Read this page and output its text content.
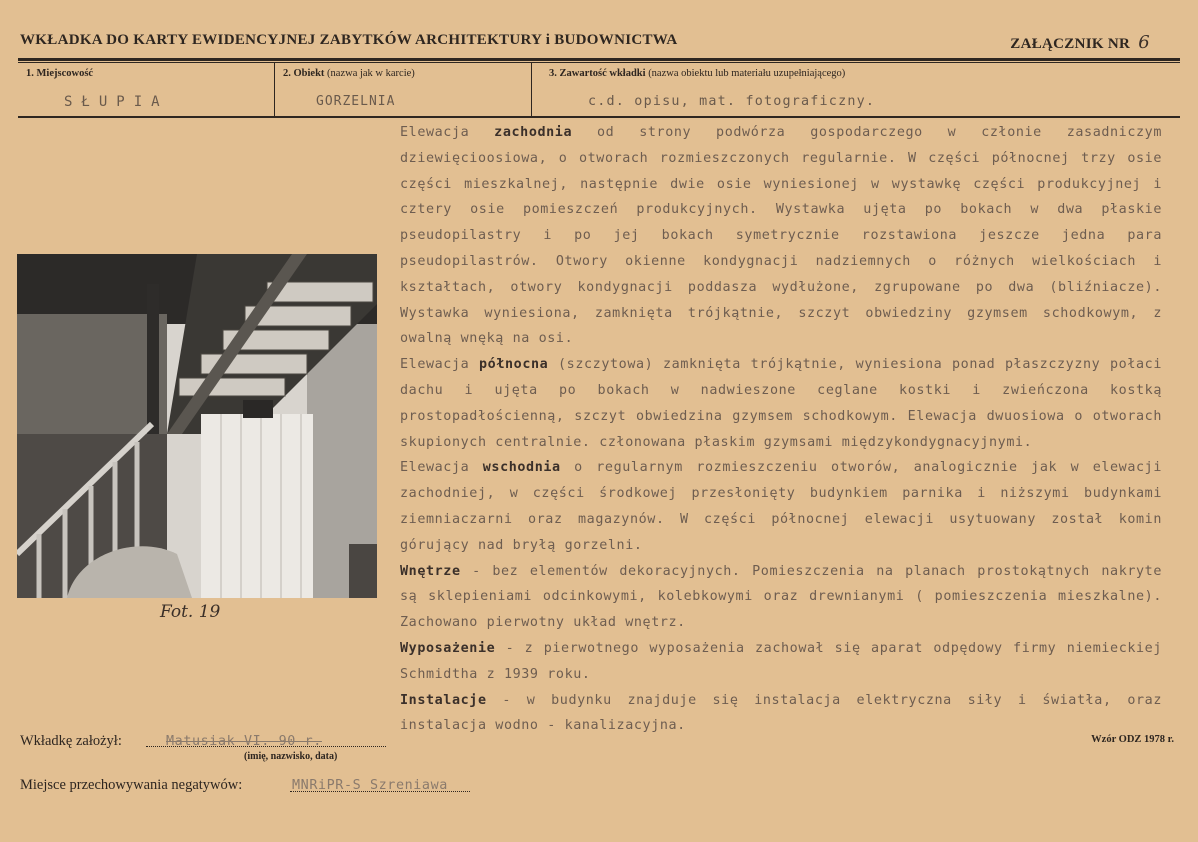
WKŁADKA DO KARTY EWIDENCYJNEJ ZABYTKÓW ARCHITEKTURY i BUDOWNICTWA	ZAŁĄCZNIK NR 6
1. Miejscowość
SŁUPIA
2. Obiekt (nazwa jak w karcie)
GORZELNIA
3. Zawartość wkładki (nazwa obiektu lub materiału uzupełniającego)
c.d. opisu, mat. fotograficzny.

Elewacja zachodnia od strony podwórza gospodarczego w członie zasadniczym dziewięcioosiowa, o otworach rozmieszczonych regularnie. W części północnej trzy osie części mieszkalnej, następnie dwie osie wyniesionej w wystawkę części produkcyjnej i cztery osie pomieszczeń produkcyjnych. Wystawka ujęta po bokach w dwa płaskie pseudopilastry i po jej bokach symetrycznie rozstawiona jeszcze jedna para pseudopilastrów. Otwory okienne kondygnacji nadziemnych o różnych wielkościach i kształtach, otwory kondygnacji poddasza wydłużone, zgrupowane po dwa (bliźniacze). Wystawka wyniesiona, zamknięta trójkątnie, szczyt obwiedziny gzymsem schodkowym, z owalną wnęką na osi.

Elewacja północna (szczytowa) zamknięta trójkątnie, wyniesiona ponad płaszczyzny połaci dachu i ujęta po bokach w nadwieszone ceglane kostki i zwieńczona kostką prostopadłościenną, szczyt obwiedzina gzymsem schodkowym. Elewacja dwuosiowa o otworach skupionych centralnie. członowana płaskim gzymsami międzykondygnacyjnymi.

Elewacja wschodnia o regularnym rozmieszczeniu otworów, analogicznie jak w elewacji zachodniej, w części środkowej przesłonięty budynkiem parnika i niższymi budynkami ziemniaczarni oraz magazynów. W części północnej elewacji usytuowany został komin górujący nad bryłą gorzelni.

Wnętrze - bez elementów dekoracyjnych. Pomieszczenia na planach prostokątnych nakryte są sklepieniami odcinkowymi, kolebkowymi oraz drewnianymi ( pomieszczenia mieszkalne). Zachowano pierwotny układ wnętrz.

Wyposażenie - z pierwotnego wyposażenia zachował się aparat odpędowy firmy niemieckiej Schmidtha z 1939 roku.

Instalacje - w budynku znajduje się instalacja elektryczna siły i światła, oraz instalacja wodno - kanalizacyjna.

Fot. 19
Wkładkę założył:	Matusiak VI. 90 r.
(imię, nazwisko, data)
Wzór ODZ 1978 r.
Miejsce przechowywania negatywów:	MNRiPR-S Szreniawa
